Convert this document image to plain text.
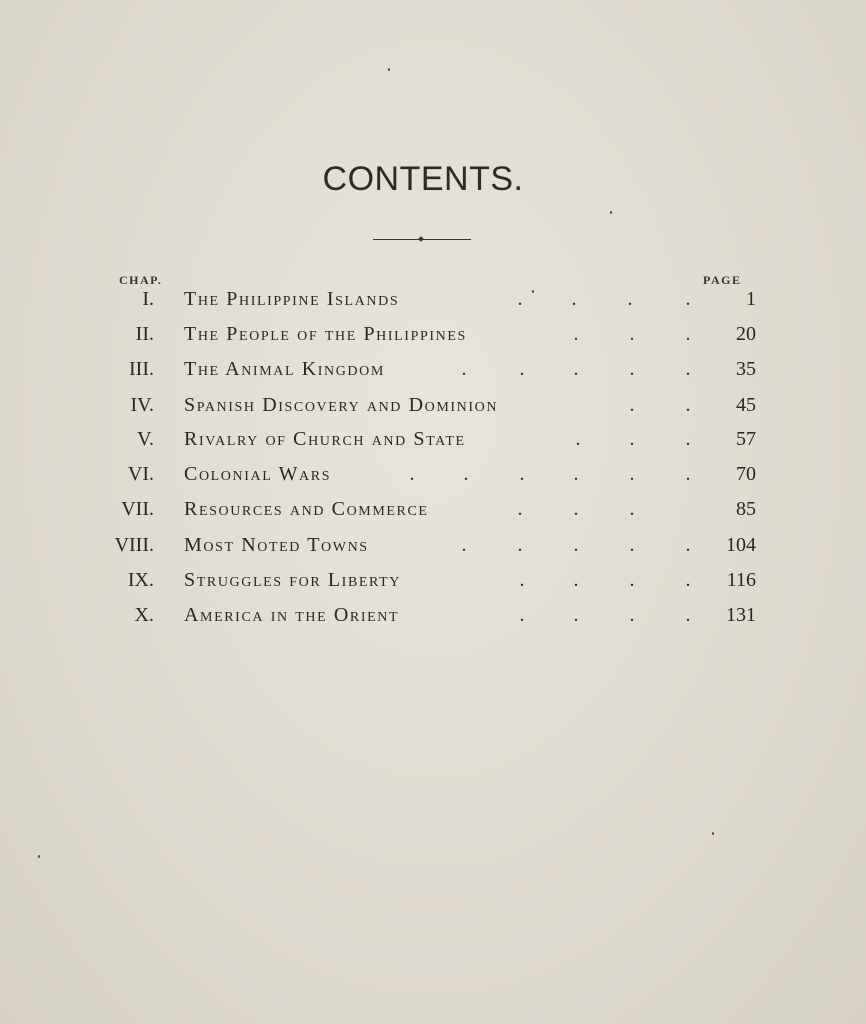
CONTENTS.
CHAP.	PAGE
I. The Philippine Islands	. .	.	.	1
II. The People of the Philippines	.	.	. 20
III. The Animal Kingdom	.	. .	.	. 35
IV. Spanish Discovery and Dominion	.	. 45
V. Rivalry of Church and State	. .	. 57
VI. Colonial Wars	. .	. .	.	. 70
VII. Resources and Commerce	.	.	.	85
VIII. Most Noted Towns	.	.	.	.	. 104
IX. Struggles for Liberty	. .	.	. 116
X. America in the Orient	. .	.	. 131
